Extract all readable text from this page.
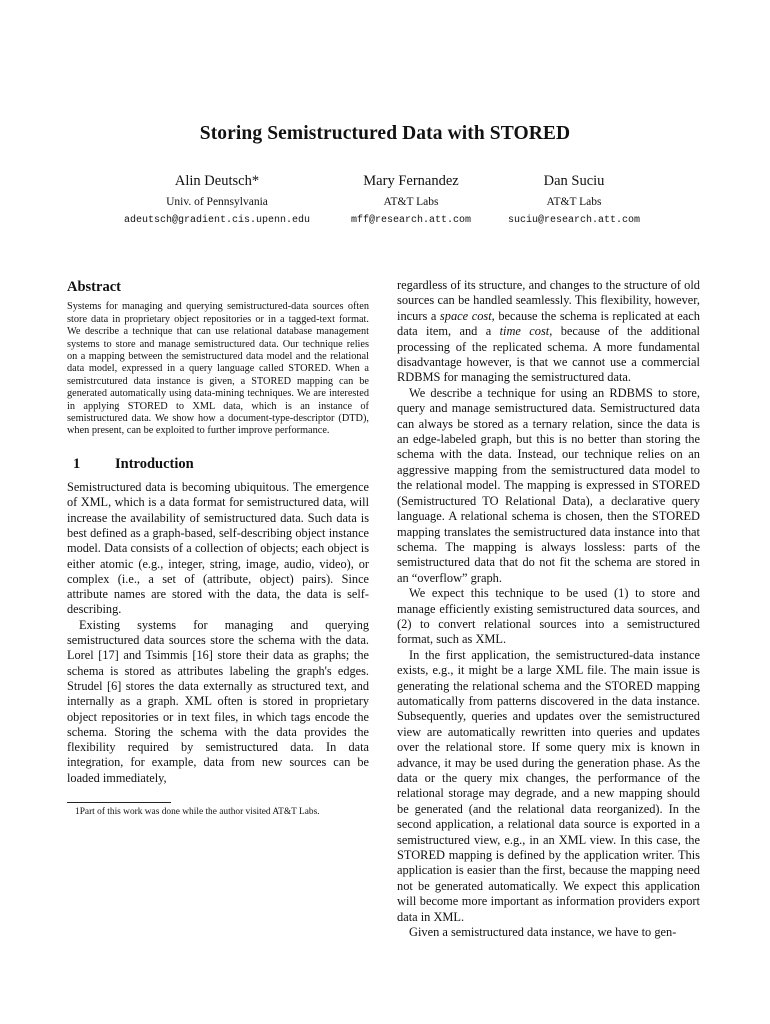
Storing Semistructured Data with STORED
Alin Deutsch*
Univ. of Pennsylvania
adeutsch@gradient.cis.upenn.edu
Mary Fernandez
AT&T Labs
mff@research.att.com
Dan Suciu
AT&T Labs
suciu@research.att.com
Abstract

Systems for managing and querying semistructured-data sources often store data in proprietary object repositories or in a tagged-text format. We describe a technique that can use relational database management systems to store and manage semistructured data. Our technique relies on a mapping between the semistructured data model and the relational data model, expressed in a query language called STORED. When a semistrcutured data instance is given, a STORED mapping can be generated automatically using data-mining techniques. We are interested in applying STORED to XML data, which is an instance of semistructured data. We show how a document-type-descriptor (DTD), when present, can be exploited to further improve performance.

1 Introduction

Semistructured data is becoming ubiquitous. The emergence of XML, which is a data format for semistructured data, will increase the availability of semistructured data. Such data is best defined as a graph-based, self-describing object instance model. Data consists of a collection of objects; each object is either atomic (e.g., integer, string, image, audio, video), or complex (i.e., a set of (attribute, object) pairs). Since attribute names are stored with the data, the data is self-describing.

Existing systems for managing and querying semistructured data sources store the schema with the data. Lorel [17] and Tsimmis [16] store their data as graphs; the schema is stored as attributes labeling the graph's edges. Strudel [6] stores the data externally as structured text, and internally as a graph. XML often is stored in proprietary object repositories or in text files, in which tags encode the schema. Storing the schema with the data provides the flexibility required by semistructured data. In data integration, for example, data from new sources can be loaded immediately,

1Part of this work was done while the author visited AT&T Labs.

regardless of its structure, and changes to the structure of old sources can be handled seamlessly. This flexibility, however, incurs a space cost, because the schema is replicated at each data item, and a time cost, because of the additional processing of the replicated schema. A more fundamental disadvantage however, is that we cannot use a commercial RDBMS for managing the semistructured data.

We describe a technique for using an RDBMS to store, query and manage semistructured data. Semistructured data can always be stored as a ternary relation, since the data is an edge-labeled graph, but this is no better than storing the schema with the data. Instead, our technique relies on an aggressive mapping from the semistructured data model to the relational model. The mapping is expressed in STORED (Semistructured TO Relational Data), a declarative query language. A relational schema is chosen, then the STORED mapping translates the semistructured data instance into that schema. The mapping is always lossless: parts of the semistructured data that do not fit the schema are stored in an “overflow” graph.

We expect this technique to be used (1) to store and manage efficiently existing semistructured data sources, and (2) to convert relational sources into a semistructured format, such as XML.

In the first application, the semistructured-data instance exists, e.g., it might be a large XML file. The main issue is generating the relational schema and the STORED mapping automatically from patterns discovered in the data instance. Subsequently, queries and updates over the semistructured view are automatically rewritten into queries and updates over the relational store. If some query mix is known in advance, it may be used during the generation phase. As the data or the query mix changes, the performance of the relational storage may degrade, and a new mapping should be generated (and the relational data reorganized). In the second application, a relational data source is exported in a semistructured view, e.g., in an XML view. In this case, the STORED mapping is defined by the application writer. This application is easier than the first, because the mapping need not be generated automatically. We expect this application will become more important as information providers export data in XML.

Given a semistructured data instance, we have to gen-
